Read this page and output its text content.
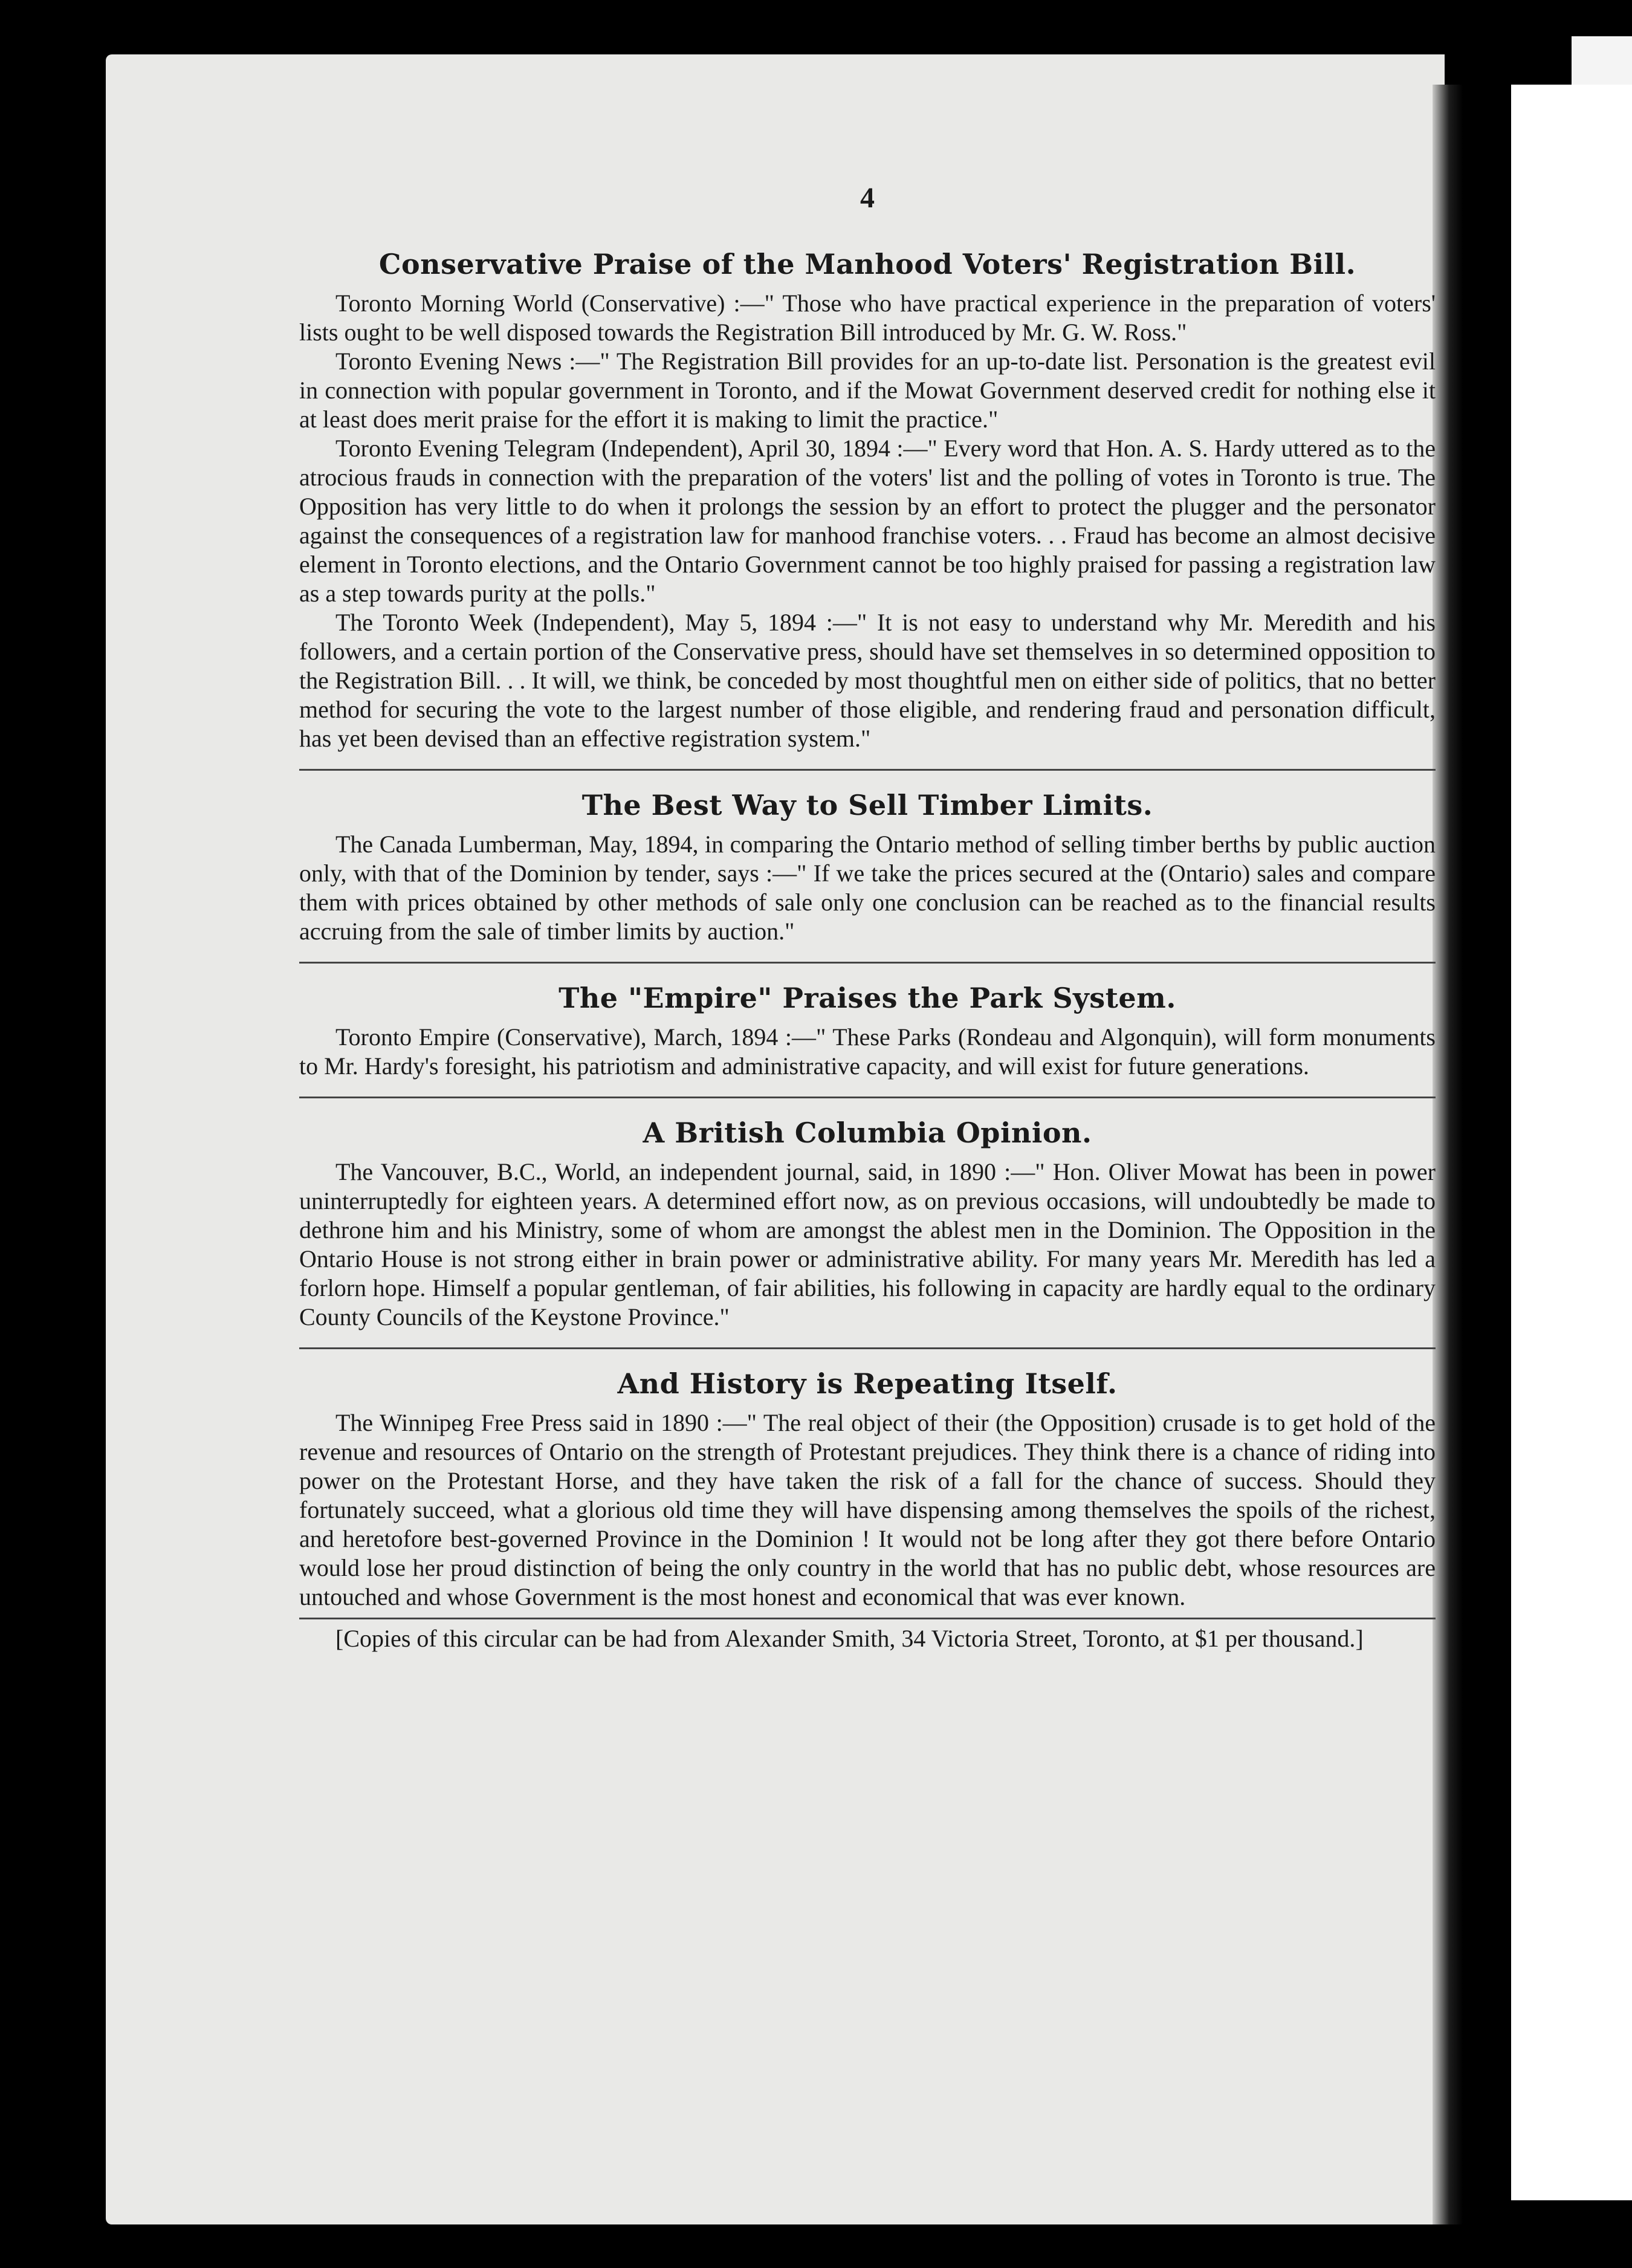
4
Conservative Praise of the Manhood Voters' Registration Bill.

Toronto Morning World (Conservative) :—" Those who have practical experience in the preparation of voters' lists ought to be well disposed towards the Registration Bill introduced by Mr. G. W. Ross."

Toronto Evening News :—" The Registration Bill provides for an up-to-date list. Personation is the greatest evil in connection with popular government in Toronto, and if the Mowat Government deserved credit for nothing else it at least does merit praise for the effort it is making to limit the practice."

Toronto Evening Telegram (Independent), April 30, 1894 :—" Every word that Hon. A. S. Hardy uttered as to the atrocious frauds in connection with the preparation of the voters' list and the polling of votes in Toronto is true. The Opposition has very little to do when it prolongs the session by an effort to protect the plugger and the personator against the consequences of a registration law for manhood franchise voters. . . Fraud has become an almost decisive element in Toronto elections, and the Ontario Government cannot be too highly praised for passing a registration law as a step towards purity at the polls."

The Toronto Week (Independent), May 5, 1894 :—" It is not easy to understand why Mr. Meredith and his followers, and a certain portion of the Conservative press, should have set themselves in so determined opposition to the Registration Bill. . . It will, we think, be conceded by most thoughtful men on either side of politics, that no better method for securing the vote to the largest number of those eligible, and rendering fraud and personation difficult, has yet been devised than an effective registration system."

The Best Way to Sell Timber Limits.

The Canada Lumberman, May, 1894, in comparing the Ontario method of selling timber berths by public auction only, with that of the Dominion by tender, says :—" If we take the prices secured at the (Ontario) sales and compare them with prices obtained by other methods of sale only one conclusion can be reached as to the financial results accruing from the sale of timber limits by auction."

The "Empire" Praises the Park System.

Toronto Empire (Conservative), March, 1894 :—" These Parks (Rondeau and Algonquin), will form monuments to Mr. Hardy's foresight, his patriotism and administrative capacity, and will exist for future generations.

A British Columbia Opinion.

The Vancouver, B.C., World, an independent journal, said, in 1890 :—" Hon. Oliver Mowat has been in power uninterruptedly for eighteen years. A determined effort now, as on previous occasions, will undoubtedly be made to dethrone him and his Ministry, some of whom are amongst the ablest men in the Dominion. The Opposition in the Ontario House is not strong either in brain power or administrative ability. For many years Mr. Meredith has led a forlorn hope. Himself a popular gentleman, of fair abilities, his following in capacity are hardly equal to the ordinary County Councils of the Keystone Province."

And History is Repeating Itself.

The Winnipeg Free Press said in 1890 :—" The real object of their (the Opposition) crusade is to get hold of the revenue and resources of Ontario on the strength of Protestant prejudices. They think there is a chance of riding into power on the Protestant Horse, and they have taken the risk of a fall for the chance of success. Should they fortunately succeed, what a glorious old time they will have dispensing among themselves the spoils of the richest, and heretofore best-governed Province in the Dominion ! It would not be long after they got there before Ontario would lose her proud distinction of being the only country in the world that has no public debt, whose resources are untouched and whose Government is the most honest and economical that was ever known.

[Copies of this circular can be had from Alexander Smith, 34 Victoria Street, Toronto, at $1 per thousand.]
